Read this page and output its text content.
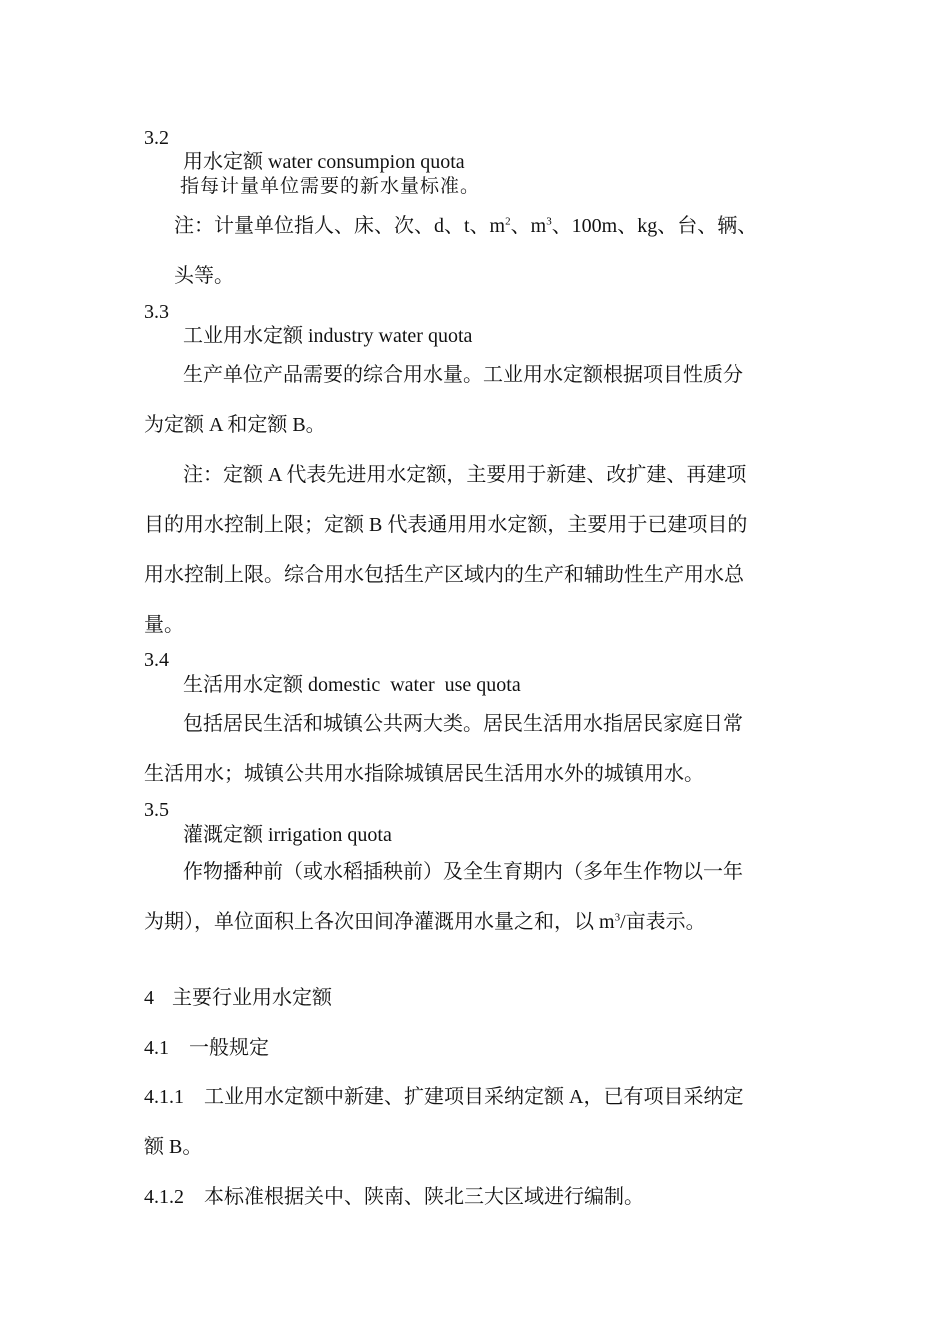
3.2
用水定额 water consumpion quota
指每计量单位需要的新水量标准。
注：计量单位指人、床、次、d、t、$m^2$、$m^3$、100m、kg、台、辆、
头等。
3.3
工业用水定额 industry water quota
生产单位产品需要的综合用水量。工业用水定额根据项目性质分
为定额 A 和定额 B。
注：定额 A 代表先进用水定额，主要用于新建、改扩建、再建项
目的用水控制上限；定额 B 代表通用用水定额，主要用于已建项目的
用水控制上限。综合用水包括生产区域内的生产和辅助性生产用水总
量。
3.4
生活用水定额 domestic  water  use quota
包括居民生活和城镇公共两大类。居民生活用水指居民家庭日常
生活用水；城镇公共用水指除城镇居民生活用水外的城镇用水。
3.5
灌溉定额 irrigation quota
作物播种前（或水稻插秧前）及全生育期内（多年生作物以一年
为期），单位面积上各次田间净灌溉用水量之和，以 $m^3/$亩表示。
4 主要行业用水定额
4.1 一般规定
4.1.1 工业用水定额中新建、扩建项目采纳定额 A，已有项目采纳定
额 B。
4.1.2 本标准根据关中、陕南、陕北三大区域进行编制。
